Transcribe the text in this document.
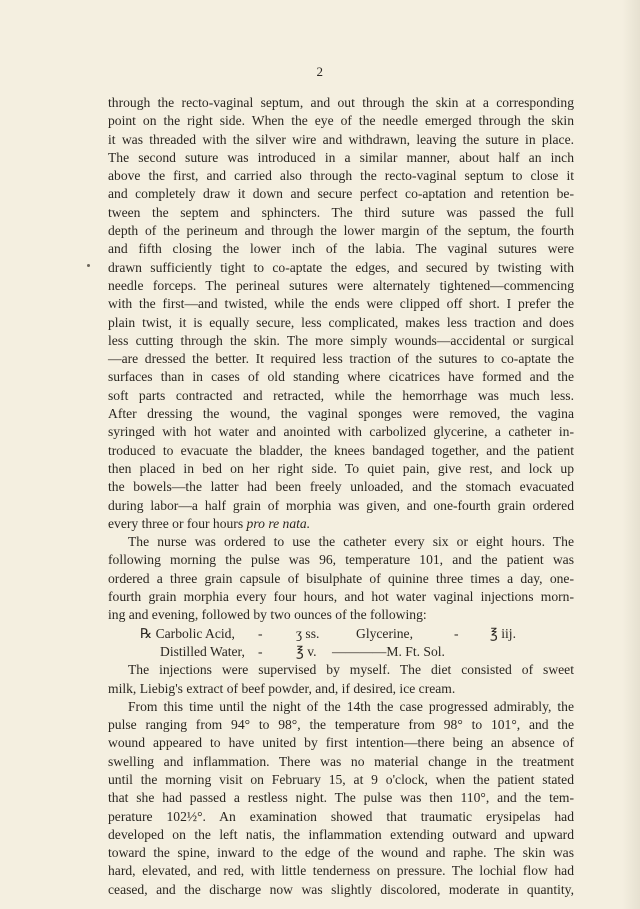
2
through the recto-vaginal septum, and out through the skin at a corresponding
point on the right side. When the eye of the needle emerged through the skin
it was threaded with the silver wire and withdrawn, leaving the suture in place.
The second suture was introduced in a similar manner, about half an inch
above the first, and carried also through the recto-vaginal septum to close it
and completely draw it down and secure perfect co-aptation and retention be-
tween the septem and sphincters. The third suture was passed the full
depth of the perineum and through the lower margin of the septum, the fourth
and fifth closing the lower inch of the labia. The vaginal sutures were
drawn sufficiently tight to co-aptate the edges, and secured by twisting with
needle forceps. The perineal sutures were alternately tightened—commencing
with the first—and twisted, while the ends were clipped off short. I prefer the
plain twist, it is equally secure, less complicated, makes less traction and does
less cutting through the skin. The more simply wounds—accidental or surgical
—are dressed the better. It required less traction of the sutures to co-aptate the
surfaces than in cases of old standing where cicatrices have formed and the
soft parts contracted and retracted, while the hemorrhage was much less.
After dressing the wound, the vaginal sponges were removed, the vagina
syringed with hot water and anointed with carbolized glycerine, a catheter in-
troduced to evacuate the bladder, the knees bandaged together, and the patient
then placed in bed on her right side. To quiet pain, give rest, and lock up
the bowels—the latter had been freely unloaded, and the stomach evacuated
during labor—a half grain of morphia was given, and one-fourth grain ordered
every three or four hours pro re nata.
The nurse was ordered to use the catheter every six or eight hours. The
following morning the pulse was 96, temperature 101, and the patient was
ordered a three grain capsule of bisulphate of quinine three times a day, one-
fourth grain morphia every four hours, and hot water vaginal injections morn-
ing and evening, followed by two ounces of the following:
℞ Carbolic Acid,	-	ʒ ss.	Glycerine,	-	℥ iij.
Distilled Water, -	℥ v.	————M. Ft. Sol.
The injections were supervised by myself. The diet consisted of sweet
milk, Liebig's extract of beef powder, and, if desired, ice cream.
From this time until the night of the 14th the case progressed admirably, the
pulse ranging from 94° to 98°, the temperature from 98° to 101°, and the
wound appeared to have united by first intention—there being an absence of
swelling and inflammation. There was no material change in the treatment
until the morning visit on February 15, at 9 o'clock, when the patient stated
that she had passed a restless night. The pulse was then 110°, and the tem-
perature 102½°. An examination showed that traumatic erysipelas had
developed on the left natis, the inflammation extending outward and upward
toward the spine, inward to the edge of the wound and raphe. The skin was
hard, elevated, and red, with little tenderness on pressure. The lochial flow had
ceased, and the discharge now was slightly discolored, moderate in quantity,
